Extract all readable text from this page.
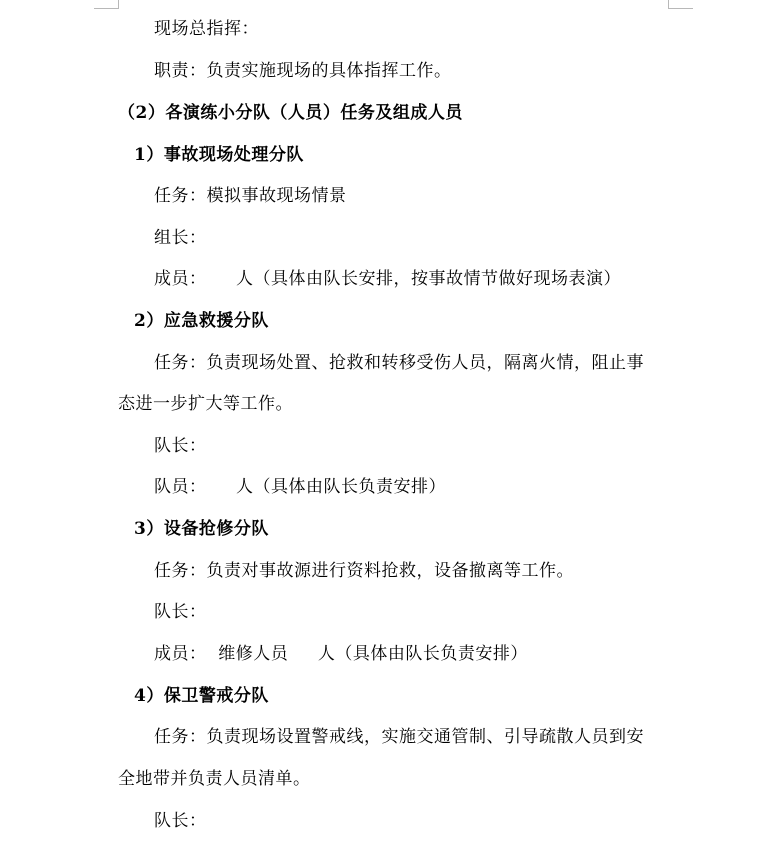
现场总指挥：
职责：负责实施现场的具体指挥工作。
（2）各演练小分队（人员）任务及组成人员
1）事故现场处理分队
任务：模拟事故现场情景
组长：
成员：     人（具体由队长安排，按事故情节做好现场表演）
2）应急救援分队
任务：负责现场处置、抢救和转移受伤人员，隔离火情，阻止事
态进一步扩大等工作。
队长：
队员：     人（具体由队长负责安排）
3）设备抢修分队
任务：负责对事故源进行资料抢救，设备撤离等工作。
队长：
成员：  维修人员     人（具体由队长负责安排）
4）保卫警戒分队
任务：负责现场设置警戒线，实施交通管制、引导疏散人员到安
全地带并负责人员清单。
队长：
